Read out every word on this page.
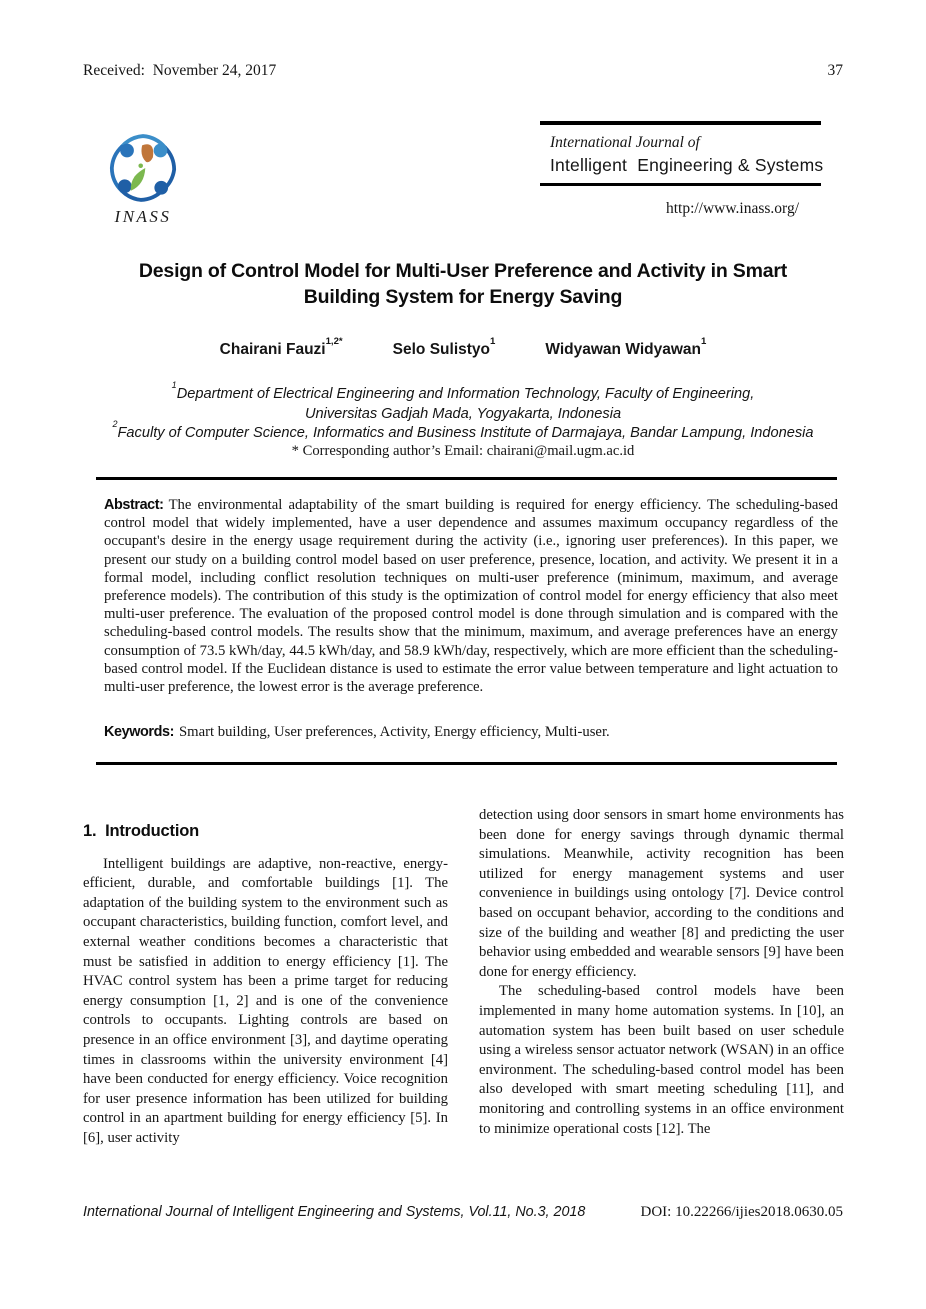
Received:  November 24, 2017	37
INASS
International Journal of
Intelligent  Engineering & Systems
http://www.inass.org/
Design of Control Model for Multi-User Preference and Activity in Smart
Building System for Energy Saving
Chairani Fauzi$^{1,2*}$	Selo Sulistyo$^1$	Widyawan Widyawan$^1$
$^1$Department of Electrical Engineering and Information Technology, Faculty of Engineering,
Universitas Gadjah Mada, Yogyakarta, Indonesia
$^2$Faculty of Computer Science, Informatics and Business Institute of Darmajaya, Bandar Lampung, Indonesia
* Corresponding author’s Email: chairani@mail.ugm.ac.id
Abstract: The environmental adaptability of the smart building is required for energy efficiency. The scheduling-based control model that widely implemented, have a user dependence and assumes maximum occupancy regardless of the occupant's desire in the energy usage requirement during the activity (i.e., ignoring user preferences). In this paper, we present our study on a building control model based on user preference, presence, location, and activity. We present it in a formal model, including conflict resolution techniques on multi-user preference (minimum, maximum, and average preference models). The contribution of this study is the optimization of control model for energy efficiency that also meet multi-user preference. The evaluation of the proposed control model is done through simulation and is compared with the scheduling-based control models. The results show that the minimum, maximum, and average preferences have an energy consumption of 73.5 kWh/day, 44.5 kWh/day, and 58.9 kWh/day, respectively, which are more efficient than the scheduling-based control model. If the Euclidean distance is used to estimate the error value between temperature and light actuation to multi-user preference, the lowest error is the average preference.
Keywords: Smart building, User preferences, Activity, Energy efficiency, Multi-user.
1.  Introduction

Intelligent buildings are adaptive, non-reactive, energy-efficient, durable, and comfortable buildings [1]. The adaptation of the building system to the environment such as occupant characteristics, building function, comfort level, and external weather conditions becomes a characteristic that must be satisfied in addition to energy efficiency [1]. The HVAC control system has been a prime target for reducing energy consumption [1, 2] and is one of the convenience controls to occupants. Lighting controls are based on presence in an office environment [3], and daytime operating times in classrooms within the university environment [4] have been conducted for energy efficiency. Voice recognition for user presence information has been utilized for building control in an apartment building for energy efficiency [5]. In [6], user activity

detection using door sensors in smart home environments has been done for energy savings through dynamic thermal simulations. Meanwhile, activity recognition has been utilized for energy management systems and user convenience in buildings using ontology [7]. Device control based on occupant behavior, according to the conditions and size of the building and weather [8] and predicting the user behavior using embedded and wearable sensors [9] have been done for energy efficiency.

The scheduling-based control models have been implemented in many home automation systems. In [10], an automation system has been built based on user schedule using a wireless sensor actuator network (WSAN) in an office environment. The scheduling-based control model has been also developed with smart meeting scheduling [11], and monitoring and controlling systems in an office environment to minimize operational costs [12]. The

International Journal of Intelligent Engineering and Systems, Vol.11, No.3, 2018	DOI: 10.22266/ijies2018.0630.05
